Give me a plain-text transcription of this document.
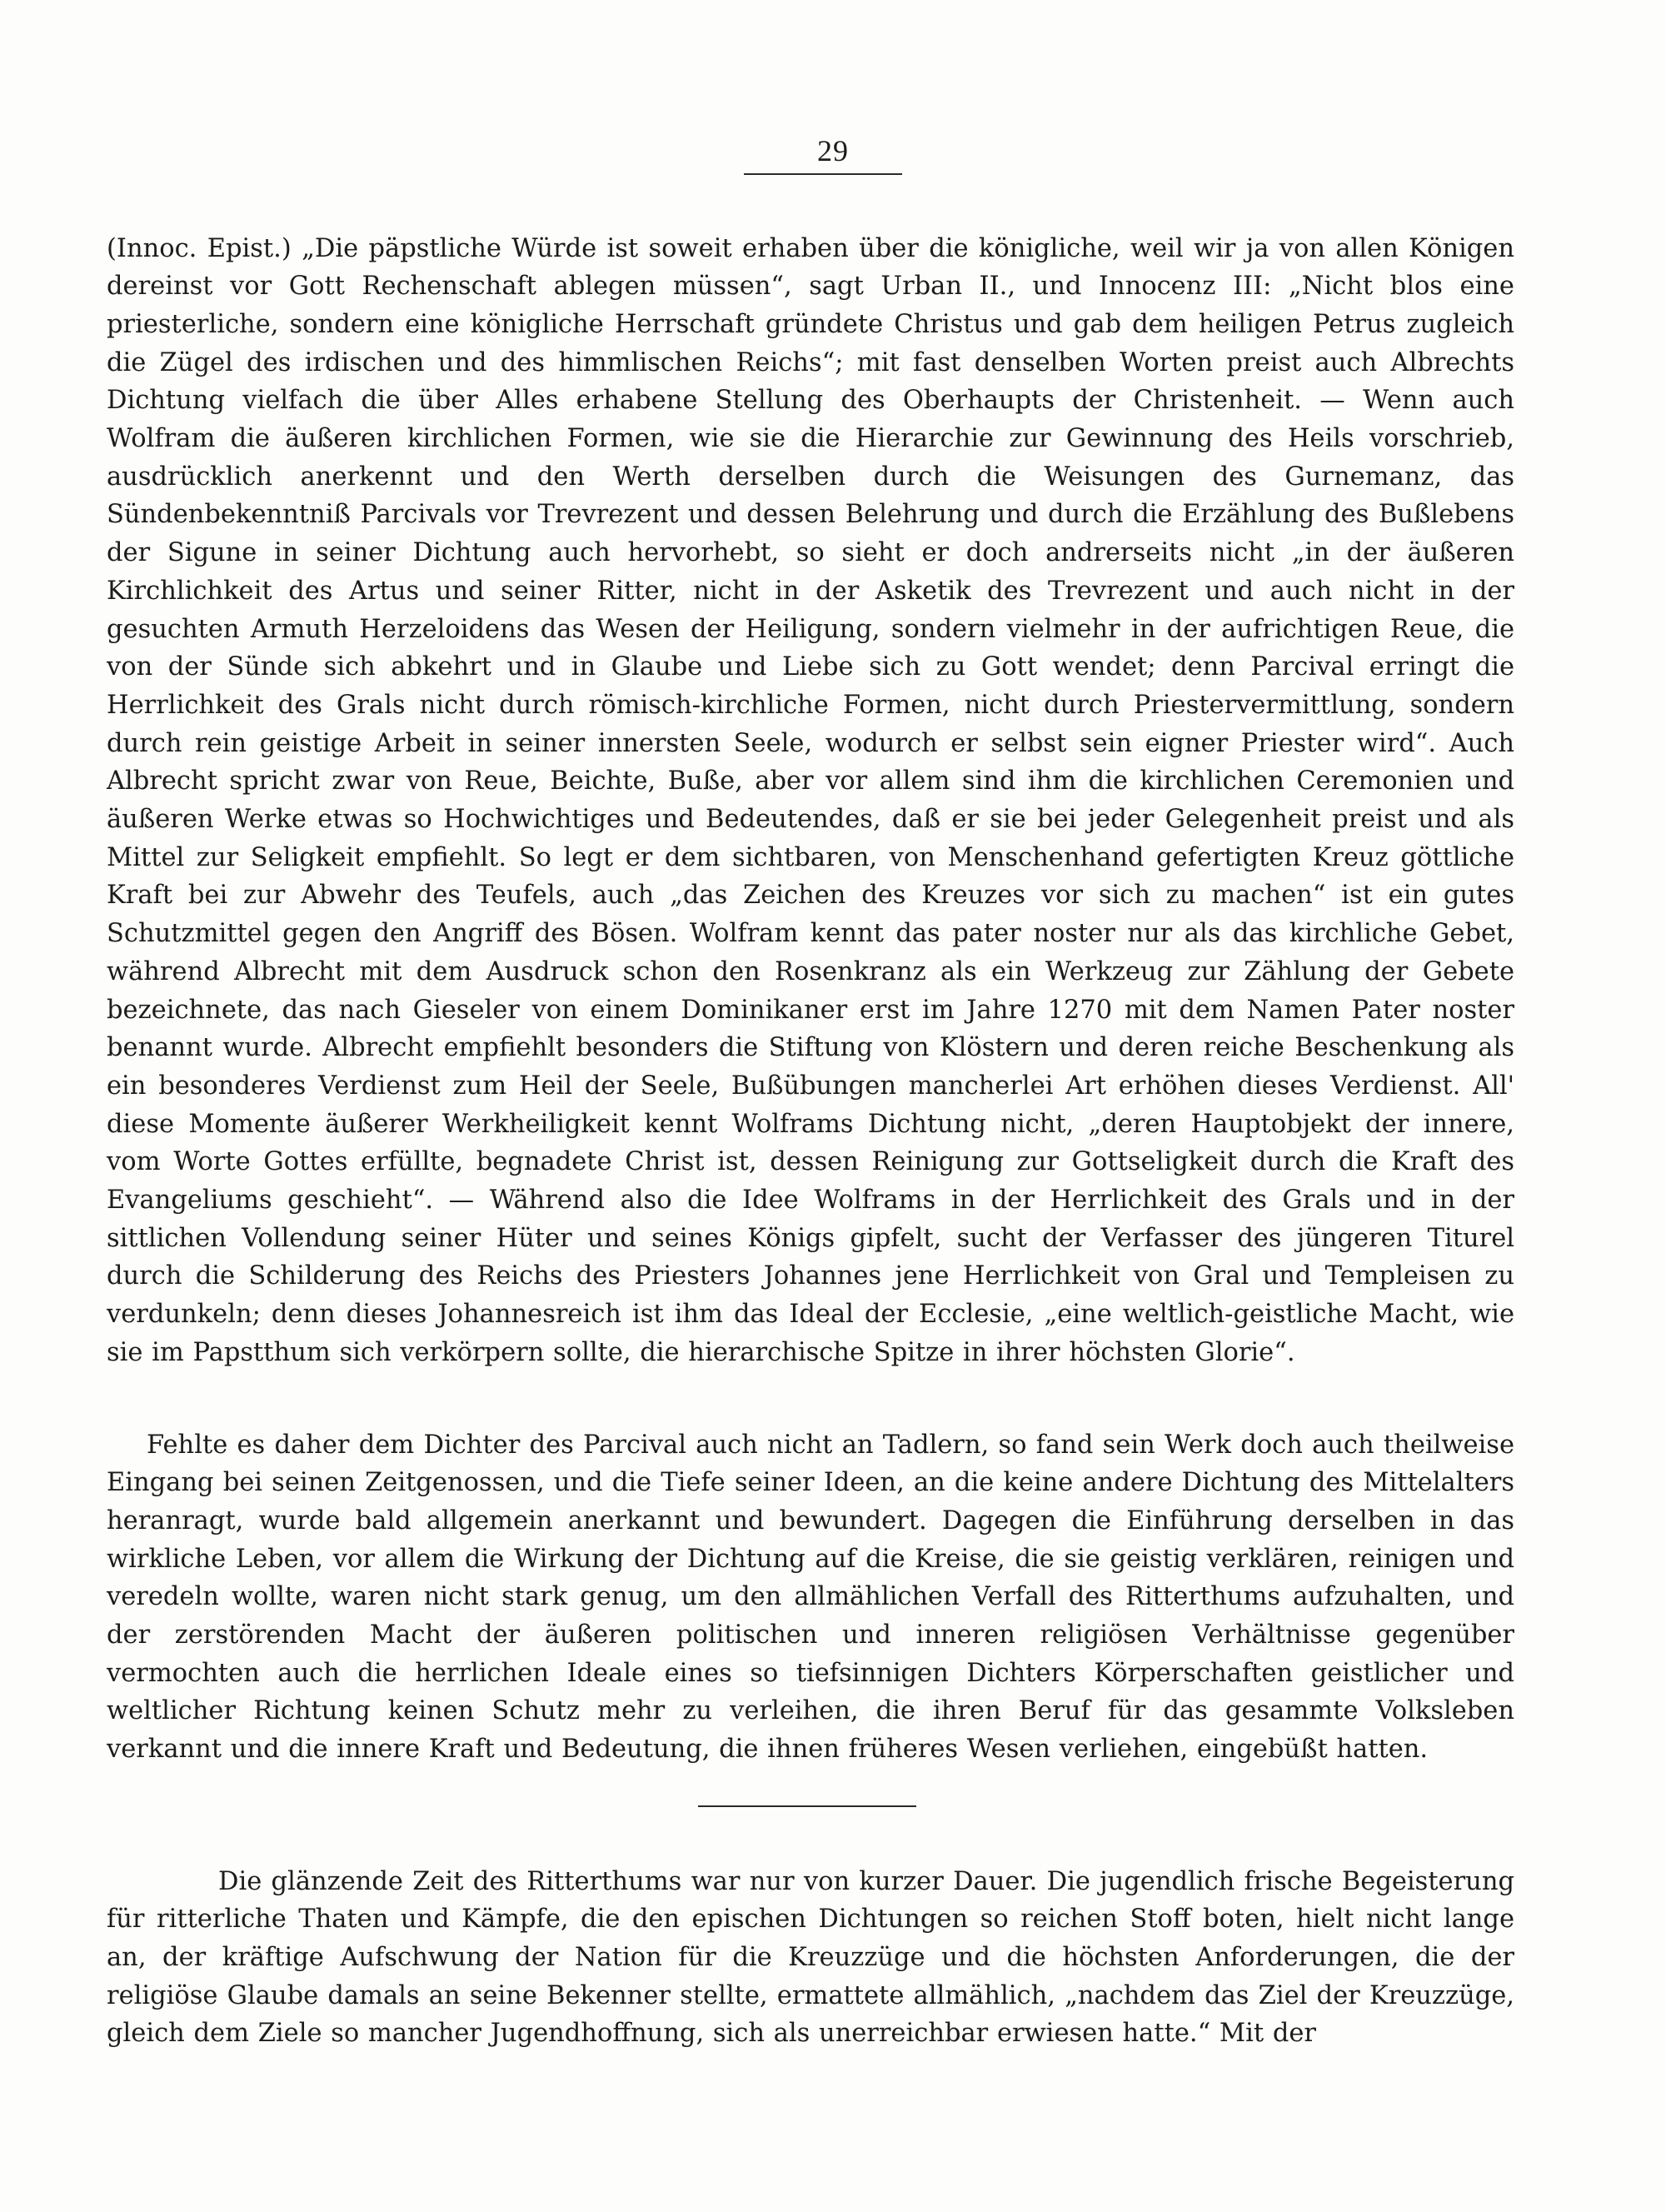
29

(Innoc. Epist.) „Die päpstliche Würde ist soweit erhaben über die königliche, weil wir ja von allen Königen dereinst vor Gott Rechenschaft ablegen müssen“, sagt Urban II., und Innocenz III: „Nicht blos eine priesterliche, sondern eine königliche Herrschaft gründete Christus und gab dem heiligen Petrus zugleich die Zügel des irdischen und des himmlischen Reichs“; mit fast denselben Worten preist auch Albrechts Dichtung vielfach die über Alles erhabene Stellung des Oberhaupts der Christenheit. — Wenn auch Wolfram die äußeren kirchlichen Formen, wie sie die Hierarchie zur Gewinnung des Heils vorschrieb, ausdrücklich anerkennt und den Werth derselben durch die Weisungen des Gurnemanz, das Sündenbekenntniß Parcivals vor Trevrezent und dessen Belehrung und durch die Erzählung des Bußlebens der Sigune in seiner Dichtung auch hervorhebt, so sieht er doch andrerseits nicht „in der äußeren Kirchlichkeit des Artus und seiner Ritter, nicht in der Asketik des Trevrezent und auch nicht in der gesuchten Armuth Herzeloidens das Wesen der Heiligung, sondern vielmehr in der aufrichtigen Reue, die von der Sünde sich abkehrt und in Glaube und Liebe sich zu Gott wendet; denn Parcival erringt die Herrlichkeit des Grals nicht durch römisch-kirchliche Formen, nicht durch Priestervermittlung, sondern durch rein geistige Arbeit in seiner innersten Seele, wodurch er selbst sein eigner Priester wird“. Auch Albrecht spricht zwar von Reue, Beichte, Buße, aber vor allem sind ihm die kirchlichen Ceremonien und äußeren Werke etwas so Hochwichtiges und Bedeutendes, daß er sie bei jeder Gelegenheit preist und als Mittel zur Seligkeit empfiehlt. So legt er dem sichtbaren, von Menschenhand gefertigten Kreuz göttliche Kraft bei zur Abwehr des Teufels, auch „das Zeichen des Kreuzes vor sich zu machen“ ist ein gutes Schutzmittel gegen den Angriff des Bösen. Wolfram kennt das pater noster nur als das kirchliche Gebet, während Albrecht mit dem Ausdruck schon den Rosenkranz als ein Werkzeug zur Zählung der Gebete bezeichnete, das nach Gieseler von einem Dominikaner erst im Jahre 1270 mit dem Namen Pater noster benannt wurde. Albrecht empfiehlt besonders die Stiftung von Klöstern und deren reiche Beschenkung als ein besonderes Verdienst zum Heil der Seele, Bußübungen mancherlei Art erhöhen dieses Verdienst. All' diese Momente äußerer Werkheiligkeit kennt Wolframs Dichtung nicht, „deren Hauptobjekt der innere, vom Worte Gottes erfüllte, begnadete Christ ist, dessen Reinigung zur Gottseligkeit durch die Kraft des Evangeliums geschieht“. — Während also die Idee Wolframs in der Herrlichkeit des Grals und in der sittlichen Vollendung seiner Hüter und seines Königs gipfelt, sucht der Verfasser des jüngeren Titurel durch die Schilderung des Reichs des Priesters Johannes jene Herrlichkeit von Gral und Templeisen zu verdunkeln; denn dieses Johannesreich ist ihm das Ideal der Ecclesie, „eine weltlich-geistliche Macht, wie sie im Papstthum sich verkörpern sollte, die hierarchische Spitze in ihrer höchsten Glorie“.

Fehlte es daher dem Dichter des Parcival auch nicht an Tadlern, so fand sein Werk doch auch theilweise Eingang bei seinen Zeitgenossen, und die Tiefe seiner Ideen, an die keine andere Dichtung des Mittelalters heranragt, wurde bald allgemein anerkannt und bewundert. Dagegen die Einführung derselben in das wirkliche Leben, vor allem die Wirkung der Dichtung auf die Kreise, die sie geistig verklären, reinigen und veredeln wollte, waren nicht stark genug, um den allmählichen Verfall des Ritterthums aufzuhalten, und der zerstörenden Macht der äußeren politischen und inneren religiösen Verhältnisse gegenüber vermochten auch die herrlichen Ideale eines so tiefsinnigen Dichters Körperschaften geistlicher und weltlicher Richtung keinen Schutz mehr zu verleihen, die ihren Beruf für das gesammte Volksleben verkannt und die innere Kraft und Bedeutung, die ihnen früheres Wesen verliehen, eingebüßt hatten.

Die glänzende Zeit des Ritterthums war nur von kurzer Dauer. Die jugendlich frische Begeisterung für ritterliche Thaten und Kämpfe, die den epischen Dichtungen so reichen Stoff boten, hielt nicht lange an, der kräftige Aufschwung der Nation für die Kreuzzüge und die höchsten Anforderungen, die der religiöse Glaube damals an seine Bekenner stellte, ermattete allmählich, „nachdem das Ziel der Kreuzzüge, gleich dem Ziele so mancher Jugendhoffnung, sich als unerreichbar erwiesen hatte.“ Mit der
